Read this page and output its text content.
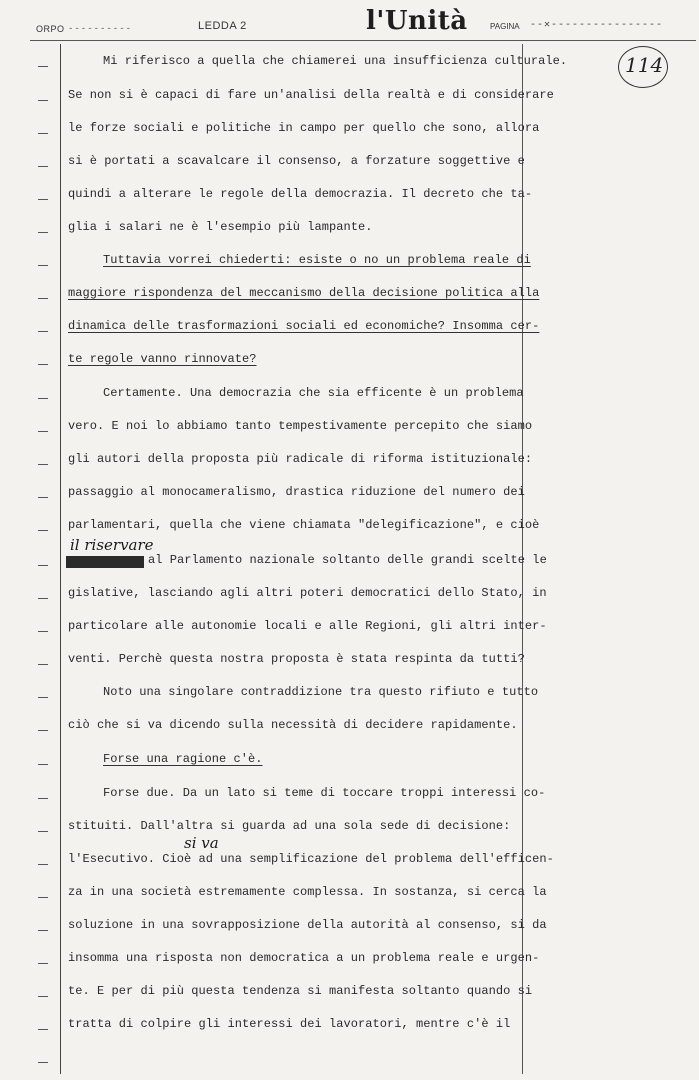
ORPO ----------	LEDDA 2	l'Unità	PAGINA --✕----------------
114
Mi riferisco a quella che chiamerei una insufficienza culturale.
Se non si è capaci di fare un'analisi della realtà e di considerare
le forze sociali e politiche in campo per quello che sono, allora
si è portati a scavalcare il consenso, a forzature soggettive e
quindi a alterare le regole della democrazia. Il decreto che ta-
glia i salari ne è l'esempio più lampante.
Tuttavia vorrei chiederti: esiste o no un problema reale di
maggiore rispondenza del meccanismo della decisione politica alla
dinamica delle trasformazioni sociali ed economiche? Insomma cer-
te regole vanno rinnovate?
Certamente. Una democrazia che sia efficente è un problema
vero. E noi lo abbiamo tanto tempestivamente percepito che siamo
gli autori della proposta più radicale di riforma istituzionale:
passaggio al monocameralismo, drastica riduzione del numero dei
parlamentari, quella che viene chiamata "delegificazione", e cioè
il riservare
al Parlamento nazionale soltanto delle grandi scelte le
gislative, lasciando agli altri poteri democratici dello Stato, in
particolare alle autonomie locali e alle Regioni, gli altri inter-
venti. Perchè questa nostra proposta è stata respinta da tutti?
Noto una singolare contraddizione tra questo rifiuto e tutto
ciò che si va dicendo sulla necessità di decidere rapidamente.
Forse una ragione c'è.
Forse due. Da un lato si teme di toccare troppi interessi co-
stituiti. Dall'altra si guarda ad una sola sede di decisione:
si va
l'Esecutivo. Cioè ad una semplificazione del problema dell'efficen-
za in una società estremamente complessa. In sostanza, si cerca la
soluzione in una sovrapposizione della autorità al consenso, si da
insomma una risposta non democratica a un problema reale e urgen-
te. E per di più questa tendenza si manifesta soltanto quando si
tratta di colpire gli interessi dei lavoratori, mentre c'è il
